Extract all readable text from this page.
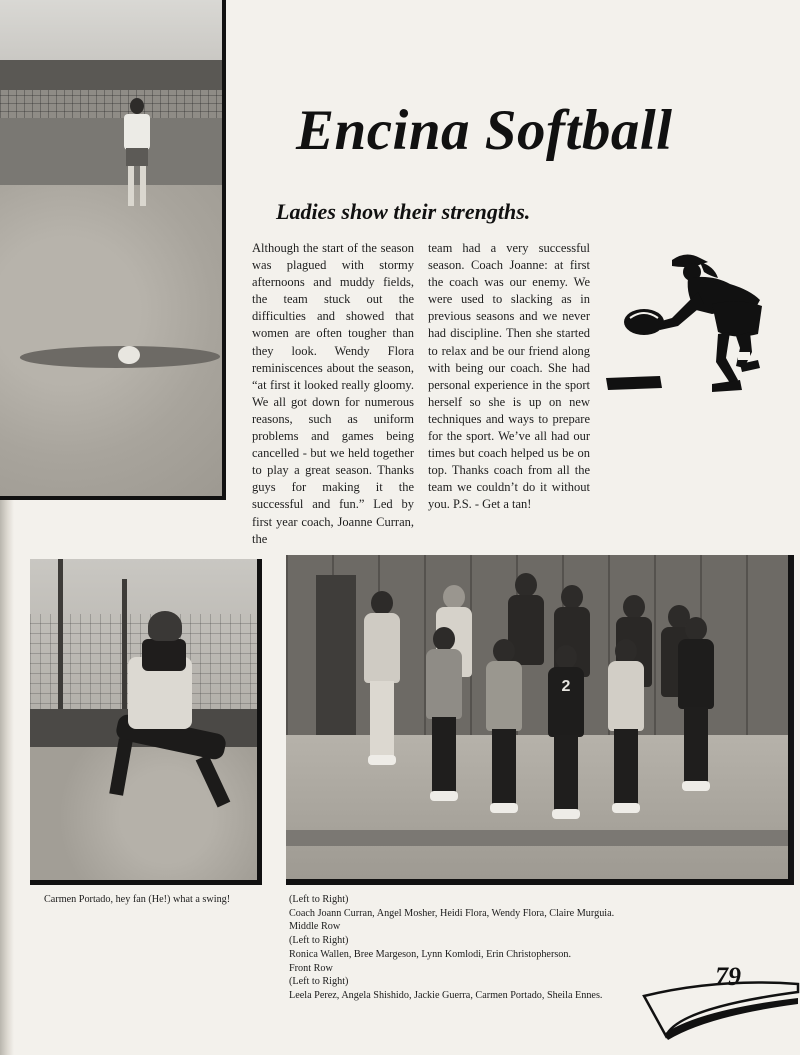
Encina Softball
Ladies show their strengths.

Although the start of the season was plagued with stormy afternoons and muddy fields, the team stuck out the difficulties and showed that women are often tougher than they look. Wendy Flora reminiscences about the season, “at first it looked really gloomy. We all got down for numerous reasons, such as uniform problems and games being cancelled - but we held together to play a great season. Thanks guys for making it the successful and fun.” Led by first year coach, Joanne Curran, the

team had a very successful season. Coach Joanne: at first the coach was our enemy. We were used to slacking as in previous seasons and we never had discipline. Then she started to relax and be our friend along with being our coach. She had personal experience in the sport herself so she is up on new techniques and ways to prepare for the sport. We’ve all had our times but coach helped us be on top. Thanks coach from all the team we couldn’t do it without you. P.S. - Get a tan!

2

Carmen Portado, hey fan (He!) what a swing!	(Left to Right)
Coach Joann Curran, Angel Mosher, Heidi Flora, Wendy Flora, Claire Murguia.
Middle Row
(Left to Right)
Ronica Wallen, Bree Margeson, Lynn Komlodi, Erin Christopherson.
Front Row
(Left to Right)
Leela Perez, Angela Shishido, Jackie Guerra, Carmen Portado, Sheila Ennes.

79
